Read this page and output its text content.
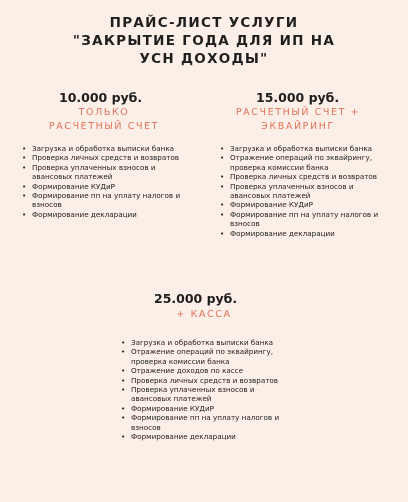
ПРАЙС-ЛИСТ УСЛУГИ
"ЗАКРЫТИЕ ГОДА ДЛЯ ИП НА
УСН ДОХОДЫ"
10.000 руб.
ТОЛЬКО
РАСЧЕТНЫЙ СЧЕТ
• Загрузка и обработка выписки банка
• Проверка личных средств и возвратов
• Проверка уплаченных взносов и авансовых платежей
• Формирование КУДиР
• Формирование пп на уплату налогов и взносов
• Формирование декларации
15.000 руб.
РАСЧЕТНЫЙ СЧЕТ +
ЭКВАЙРИНГ
• Загрузка и обработка выписки банка
• Отражение операций по эквайрингу, проверка комиссии банка
• Проверка личных средств и возвратов
• Проверка уплаченных взносов и авансовых платежей
• Формирование КУДиР
• Формирование пп на уплату налогов и взносов
• Формирование декларации
25.000 руб.
+ КАССА
• Загрузка и обработка выписки банка
• Отражение операций по эквайрингу, проверка комиссии банка
• Отражение доходов по кассе
• Проверка личных средств и возвратов
• Проверка уплаченных взносов и авансовых платежей
• Формирование КУДиР
• Формирование пп на уплату налогов и взносов
• Формирование декларации
